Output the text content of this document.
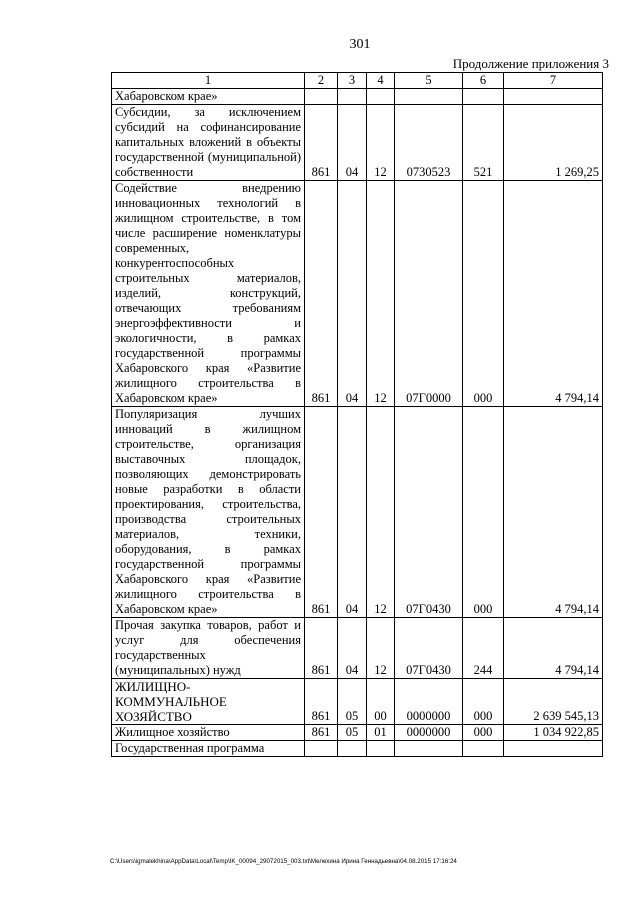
301
Продолжение приложения 3
1	2	3	4	5	6	7

Хабаровском крае»						

Субсидии, за исключением субсидий на софинансирование капитальных вложений в объекты государственной (муниципальной) собственности	861	04	12	0730523	521	1 269,25

Содействие внедрению инновационных технологий в жилищном строительстве, в том числе расширение номенклатуры современных, конкурентоспособных строительных материалов, изделий, конструкций, отвечающих требованиям энергоэффективности и экологичности, в рамках государственной программы Хабаровского края «Развитие жилищного строительства в Хабаровском крае»	861	04	12	07Г0000	000	4 794,14

Популяризация лучших инноваций в жилищном строительстве, организация выставочных площадок, позволяющих демонстрировать новые разработки в области проектирования, строительства, производства строительных материалов, техники, оборудования, в рамках государственной программы Хабаровского края «Развитие жилищного строительства в Хабаровском крае»	861	04	12	07Г0430	000	4 794,14

Прочая закупка товаров, работ и услуг для обеспечения государственных (муниципальных) нужд	861	04	12	07Г0430	244	4 794,14

ЖИЛИЩНО-КОММУНАЛЬНОЕ ХОЗЯЙСТВО	861	05	00	0000000	000	2 639 545,13

Жилищное хозяйство	861	05	01	0000000	000	1 034 922,85

Государственная программа						

C:\Users\igmalekhina\AppData\Local\Temp\IK_00094_29072015_003.txt\Мелехина Ирина Геннадьевна\04.08.2015 17:16:24
